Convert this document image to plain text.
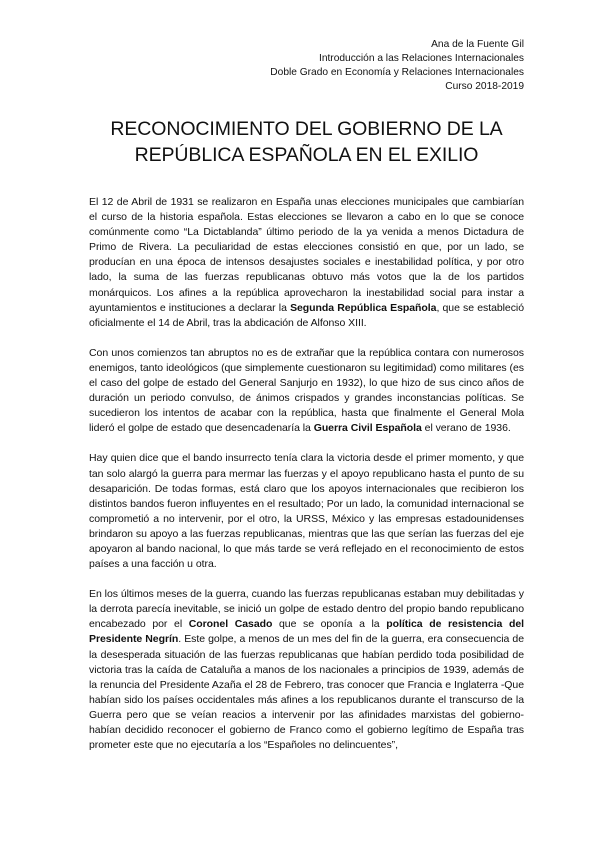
Ana de la Fuente Gil
Introducción a las Relaciones Internacionales
Doble Grado en Economía y Relaciones Internacionales
Curso 2018-2019
RECONOCIMIENTO DEL GOBIERNO DE LA
REPÚBLICA ESPAÑOLA EN EL EXILIO

El 12 de Abril de 1931 se realizaron en España unas elecciones municipales que cambiarían el curso de la historia española. Estas elecciones se llevaron a cabo en lo que se conoce comúnmente como “La Dictablanda” último periodo de la ya venida a menos Dictadura de Primo de Rivera. La peculiaridad de estas elecciones consistió en que, por un lado, se producían en una época de intensos desajustes sociales e inestabilidad política, y por otro lado, la suma de las fuerzas republicanas obtuvo más votos que la de los partidos monárquicos. Los afines a la república aprovecharon la inestabilidad social para instar a ayuntamientos e instituciones a declarar la Segunda República Española, que se estableció oficialmente el 14 de Abril, tras la abdicación de Alfonso XIII.

Con unos comienzos tan abruptos no es de extrañar que la república contara con numerosos enemigos, tanto ideológicos (que simplemente cuestionaron su legitimidad) como militares (es el caso del golpe de estado del General Sanjurjo en 1932), lo que hizo de sus cinco años de duración un periodo convulso, de ánimos crispados y grandes inconstancias políticas. Se sucedieron los intentos de acabar con la república, hasta que finalmente el General Mola lideró el golpe de estado que desencadenaría la Guerra Civil Española el verano de 1936.

Hay quien dice que el bando insurrecto tenía clara la victoria desde el primer momento, y que tan solo alargó la guerra para mermar las fuerzas y el apoyo republicano hasta el punto de su desaparición. De todas formas, está claro que los apoyos internacionales que recibieron los distintos bandos fueron influyentes en el resultado; Por un lado, la comunidad internacional se comprometió a no intervenir, por el otro, la URSS, México y las empresas estadounidenses brindaron su apoyo a las fuerzas republicanas, mientras que las que serían las fuerzas del eje apoyaron al bando nacional, lo que más tarde se verá reflejado en el reconocimiento de estos países a una facción u otra.

En los últimos meses de la guerra, cuando las fuerzas republicanas estaban muy debilitadas y la derrota parecía inevitable, se inició un golpe de estado dentro del propio bando republicano encabezado por el Coronel Casado que se oponía a la política de resistencia del Presidente Negrín. Este golpe, a menos de un mes del fin de la guerra, era consecuencia de la desesperada situación de las fuerzas republicanas que habían perdido toda posibilidad de victoria tras la caída de Cataluña a manos de los nacionales a principios de 1939, además de la renuncia del Presidente Azaña el 28 de Febrero, tras conocer que Francia e Inglaterra -Que habían sido los países occidentales más afines a los republicanos durante el transcurso de la Guerra pero que se veían reacios a intervenir por las afinidades marxistas del gobierno- habían decidido reconocer el gobierno de Franco como el gobierno legítimo de España tras prometer este que no ejecutaría a los “Españoles no delincuentes”,
